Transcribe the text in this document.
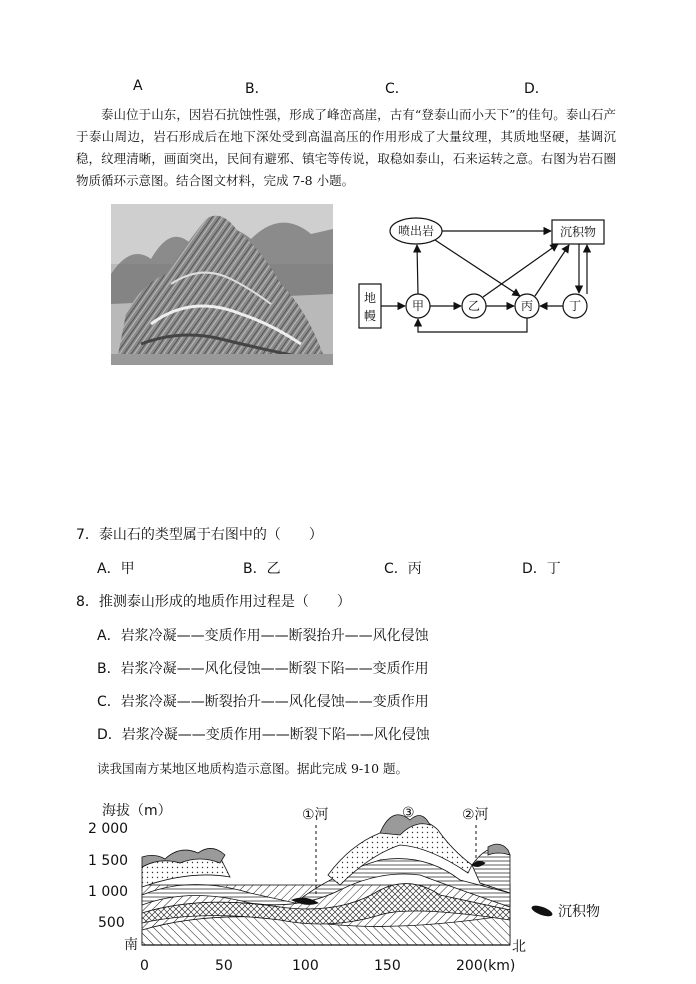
A	B．	C．	D．
泰山位于山东，因岩石抗蚀性强，形成了峰峦高崖，古有“登泰山而小天下”的佳句。泰山石产于泰山周边，岩石形成后在地下深处受到高温高压的作用形成了大量纹理，其质地坚硬，基调沉稳，纹理清晰，画面突出，民间有避邪、镇宅等传说，取稳如泰山，石来运转之意。右图为岩石圈物质循环示意图。结合图文材料，完成 7-8 小题。
地
幔
喷出岩	沉积物
甲	乙	丙	丁
7．泰山石的类型属于右图中的（　　）
A．甲	B．乙	C．丙	D．丁
8．推测泰山形成的地质作用过程是（　　）
A．岩浆冷凝——变质作用——断裂抬升——风化侵蚀
B．岩浆冷凝——风化侵蚀——断裂下陷——变质作用
C．岩浆冷凝——断裂抬升——风化侵蚀——变质作用
D．岩浆冷凝——变质作用——断裂下陷——风化侵蚀
读我国南方某地区地质构造示意图。据此完成 9-10 题。
海拔（m）
2 000
1 500
1 000
500
①河	③	②河
沉积物
南	北
0	50	100	150	200(km)
